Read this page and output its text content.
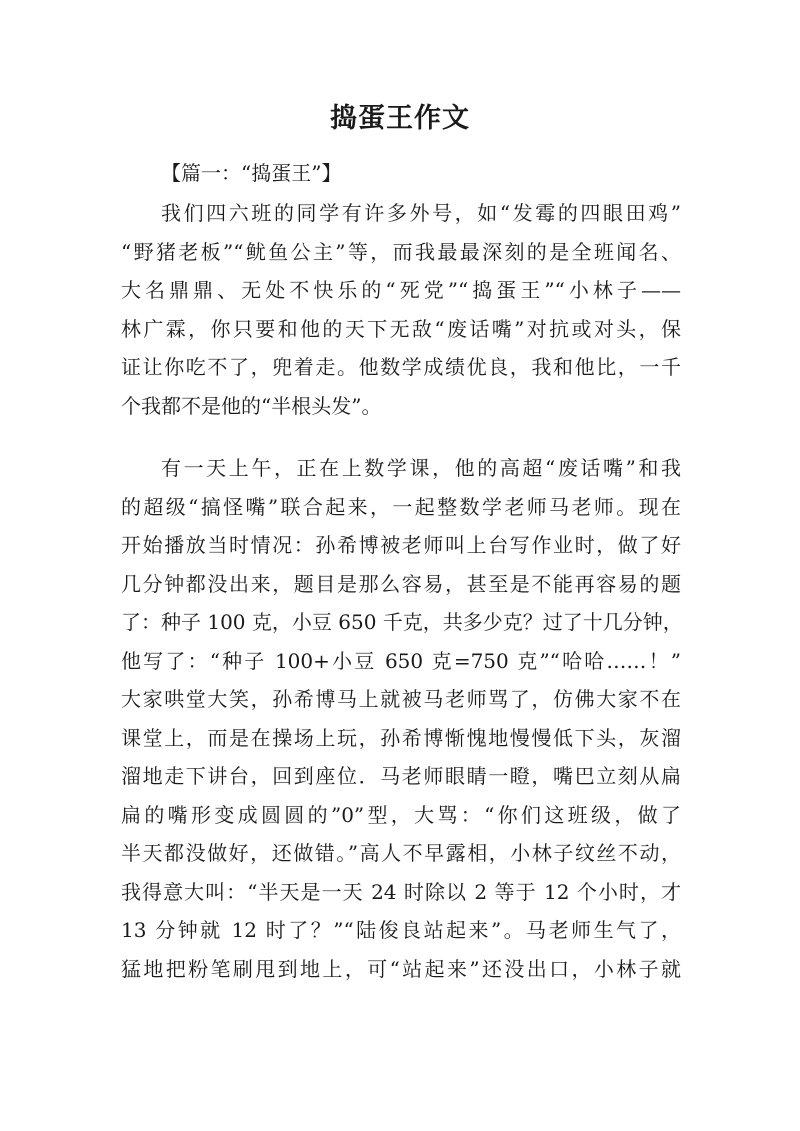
捣蛋王作文
【篇一：“捣蛋王”】
我们四六班的同学有许多外号，如“发霉的四眼田鸡”
“野猪老板”“鱿鱼公主”等，而我最最深刻的是全班闻名、
大名鼎鼎、无处不快乐的“死党”“捣蛋王”“小林子——
林广霖，你只要和他的天下无敌“废话嘴”对抗或对头，保
证让你吃不了，兜着走。他数学成绩优良，我和他比，一千
个我都不是他的“半根头发”。
有一天上午，正在上数学课，他的高超“废话嘴”和我
的超级“搞怪嘴”联合起来，一起整数学老师马老师。现在
开始播放当时情况：孙希博被老师叫上台写作业时，做了好
几分钟都没出来，题目是那么容易，甚至是不能再容易的题
了：种子 100 克，小豆 650 千克，共多少克？过了十几分钟，
他写了：“种子 100+小豆 650 克=750 克”“哈哈……！”
大家哄堂大笑，孙希博马上就被马老师骂了，仿佛大家不在
课堂上，而是在操场上玩，孙希博惭愧地慢慢低下头，灰溜
溜地走下讲台，回到座位．马老师眼睛一瞪，嘴巴立刻从扁
扁的嘴形变成圆圆的”0”型，大骂：“你们这班级，做了
半天都没做好，还做错。”高人不早露相，小林子纹丝不动，
我得意大叫：“半天是一天 24 时除以 2 等于 12 个小时，才
13 分钟就 12 时了？”“陆俊良站起来”。马老师生气了，
猛地把粉笔刷甩到地上，可“站起来”还没出口，小林子就
